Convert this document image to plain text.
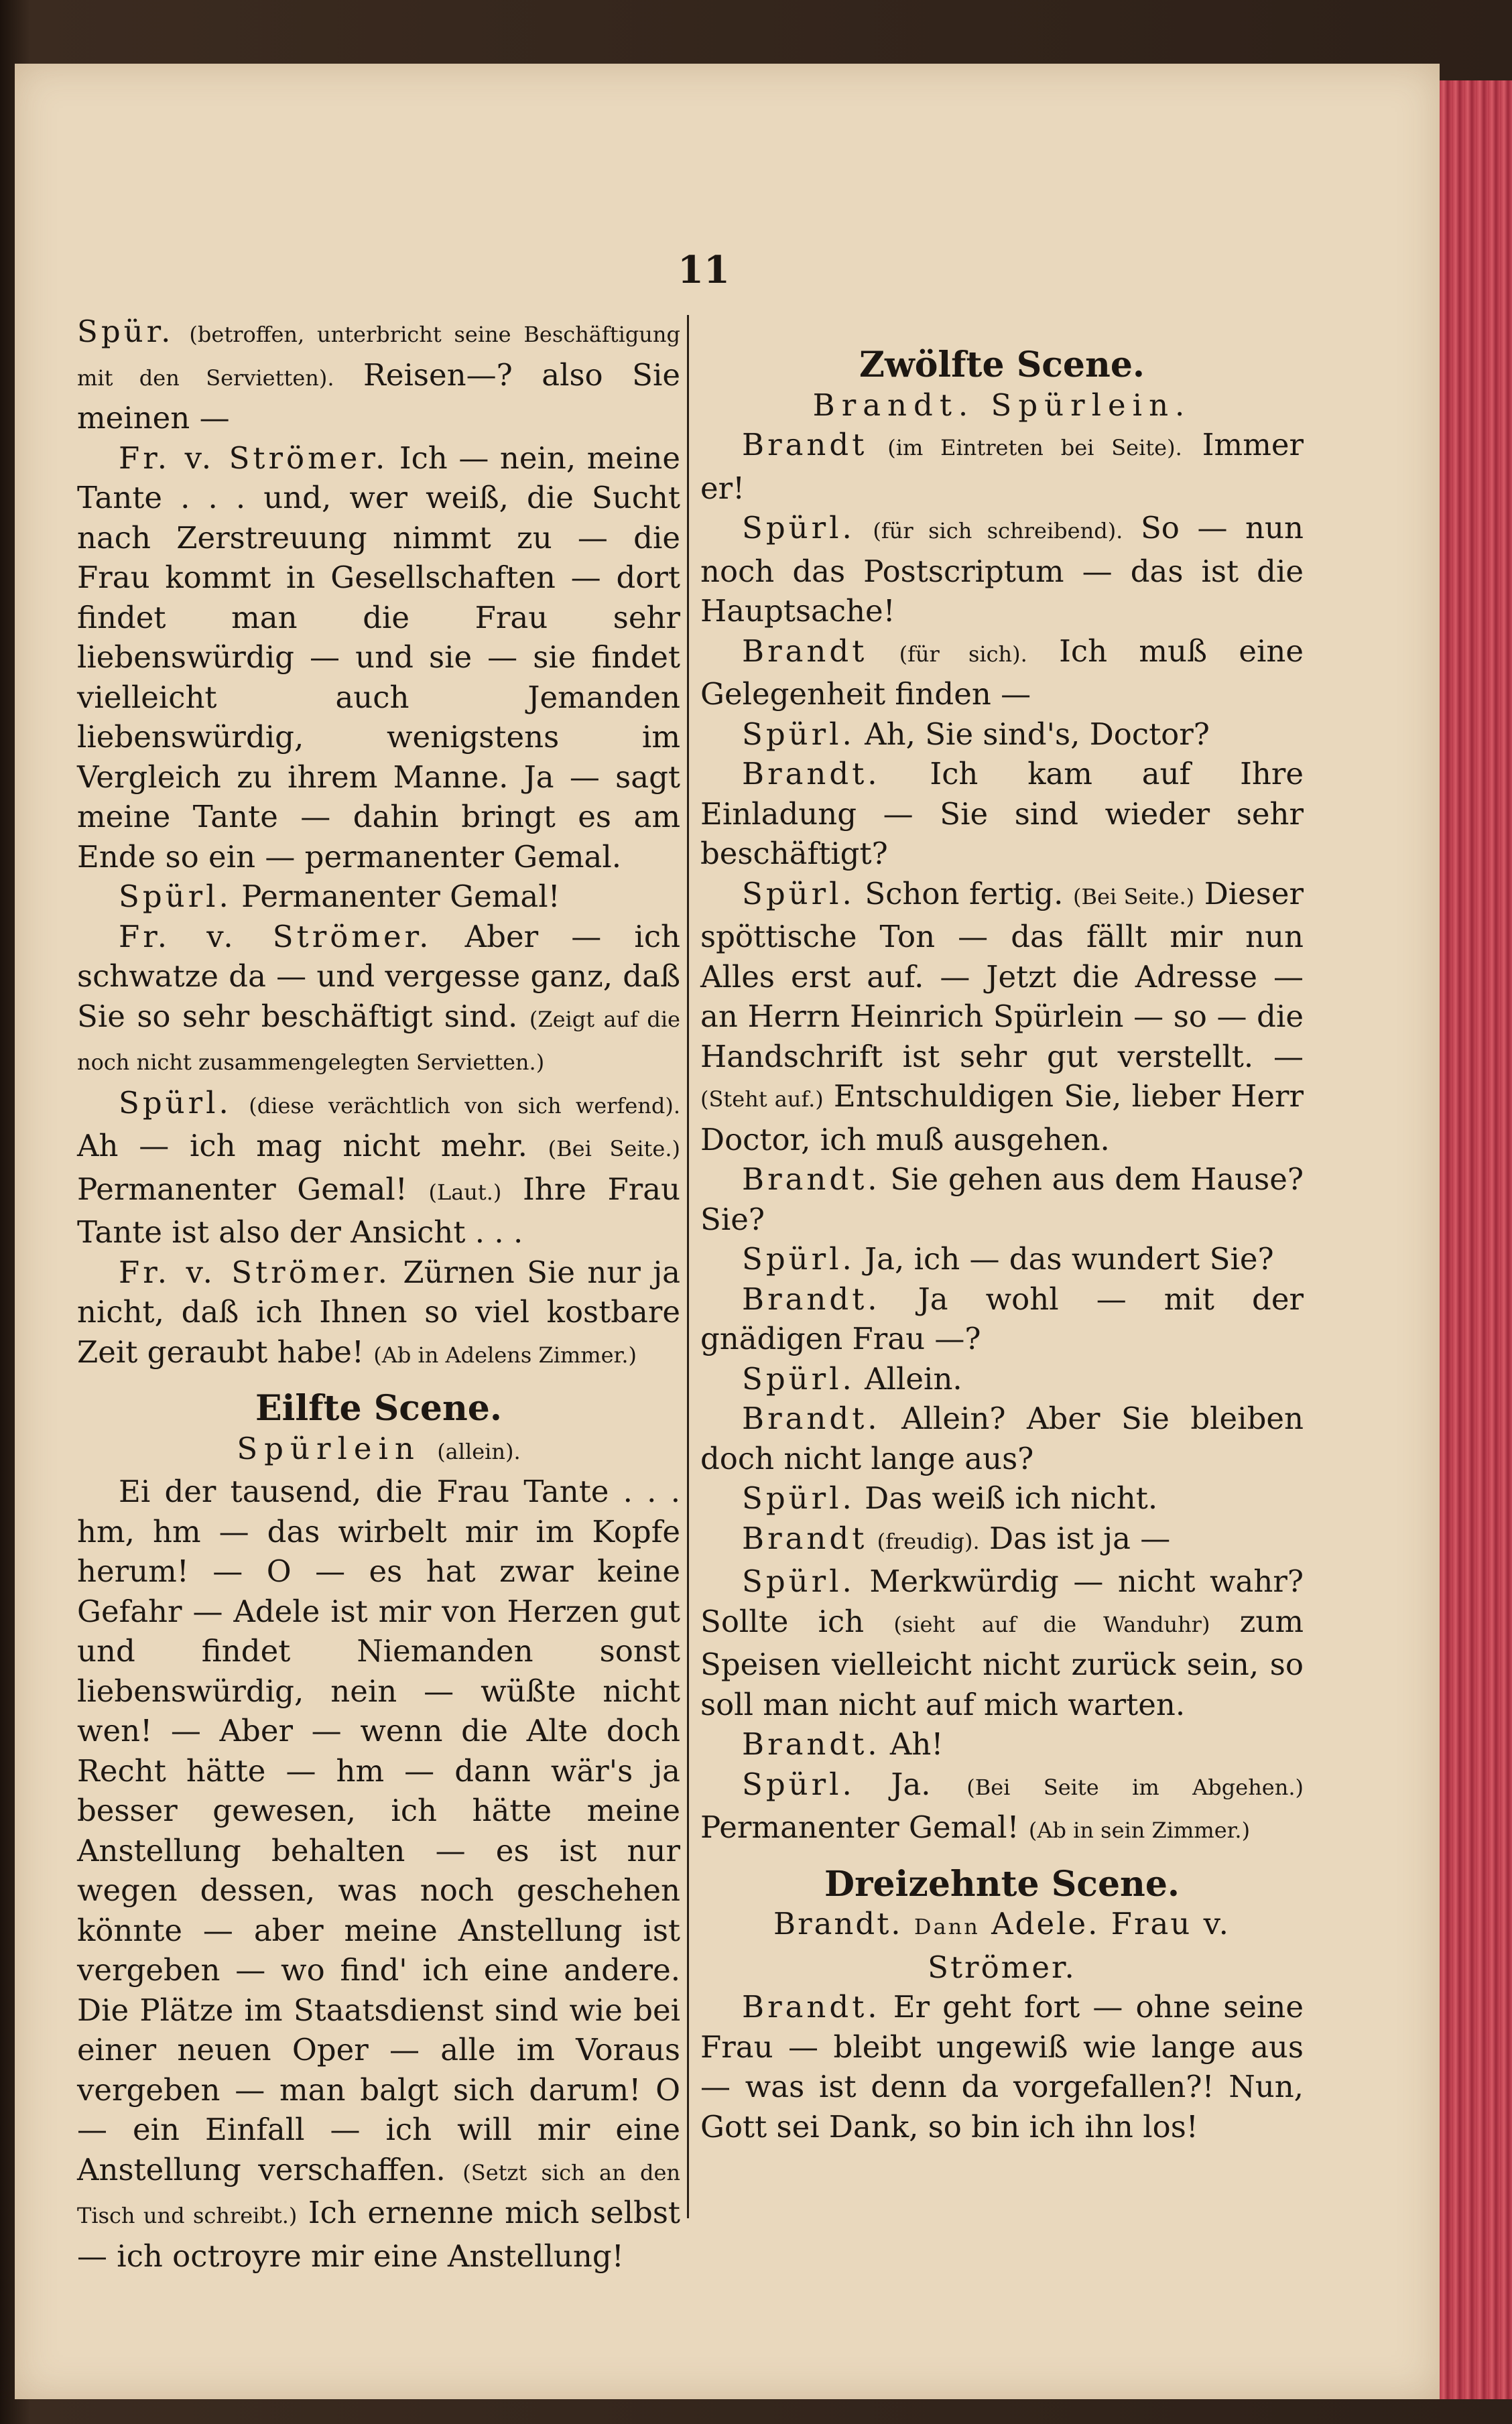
11

Spür. (betroffen, unterbricht seine Beschäftigung mit den Servietten). Reisen—? also Sie meinen —

Fr. v. Strömer. Ich — nein, meine Tante . . . und, wer weiß, die Sucht nach Zerstreuung nimmt zu — die Frau kommt in Gesellschaften — dort findet man die Frau sehr liebenswürdig — und sie — sie findet vielleicht auch Jemanden liebenswürdig, wenigstens im Vergleich zu ihrem Manne. Ja — sagt meine Tante — dahin bringt es am Ende so ein — permanenter Gemal.

Spürl. Permanenter Gemal!

Fr. v. Strömer. Aber — ich schwatze da — und vergesse ganz, daß Sie so sehr beschäftigt sind. (Zeigt auf die noch nicht zusammengelegten Servietten.)

Spürl. (diese verächtlich von sich werfend). Ah — ich mag nicht mehr. (Bei Seite.) Permanenter Gemal! (Laut.) Ihre Frau Tante ist also der Ansicht . . .

Fr. v. Strömer. Zürnen Sie nur ja nicht, daß ich Ihnen so viel kostbare Zeit geraubt habe! (Ab in Adelens Zimmer.)

Eilfte Scene.

Spürlein (allein).

Ei der tausend, die Frau Tante . . . hm, hm — das wirbelt mir im Kopfe herum! — O — es hat zwar keine Gefahr — Adele ist mir von Herzen gut und findet Niemanden sonst liebenswürdig, nein — wüßte nicht wen! — Aber — wenn die Alte doch Recht hätte — hm — dann wär's ja besser gewesen, ich hätte meine Anstellung behalten — es ist nur wegen dessen, was noch geschehen könnte — aber meine Anstellung ist vergeben — wo find' ich eine andere. Die Plätze im Staatsdienst sind wie bei einer neuen Oper — alle im Voraus vergeben — man balgt sich darum! O — ein Einfall — ich will mir eine Anstellung verschaffen. (Setzt sich an den Tisch und schreibt.) Ich ernenne mich selbst — ich octroyre mir eine Anstellung!

Zwölfte Scene.

Brandt. Spürlein.

Brandt (im Eintreten bei Seite). Immer er!

Spürl. (für sich schreibend). So — nun noch das Postscriptum — das ist die Hauptsache!

Brandt (für sich). Ich muß eine Gelegenheit finden —

Spürl. Ah, Sie sind's, Doctor?

Brandt. Ich kam auf Ihre Einladung — Sie sind wieder sehr beschäftigt?

Spürl. Schon fertig. (Bei Seite.) Dieser spöttische Ton — das fällt mir nun Alles erst auf. — Jetzt die Adresse — an Herrn Heinrich Spürlein — so — die Handschrift ist sehr gut verstellt. — (Steht auf.) Entschuldigen Sie, lieber Herr Doctor, ich muß ausgehen.

Brandt. Sie gehen aus dem Hause? Sie?

Spürl. Ja, ich — das wundert Sie?

Brandt. Ja wohl — mit der gnädigen Frau —?

Spürl. Allein.

Brandt. Allein? Aber Sie bleiben doch nicht lange aus?

Spürl. Das weiß ich nicht.

Brandt (freudig). Das ist ja —

Spürl. Merkwürdig — nicht wahr? Sollte ich (sieht auf die Wanduhr) zum Speisen vielleicht nicht zurück sein, so soll man nicht auf mich warten.

Brandt. Ah!

Spürl. Ja. (Bei Seite im Abgehen.) Permanenter Gemal! (Ab in sein Zimmer.)

Dreizehnte Scene.

Brandt. Dann Adele. Frau v. Strömer.

Brandt. Er geht fort — ohne seine Frau — bleibt ungewiß wie lange aus — was ist denn da vorgefallen?! Nun, Gott sei Dank, so bin ich ihn los!
